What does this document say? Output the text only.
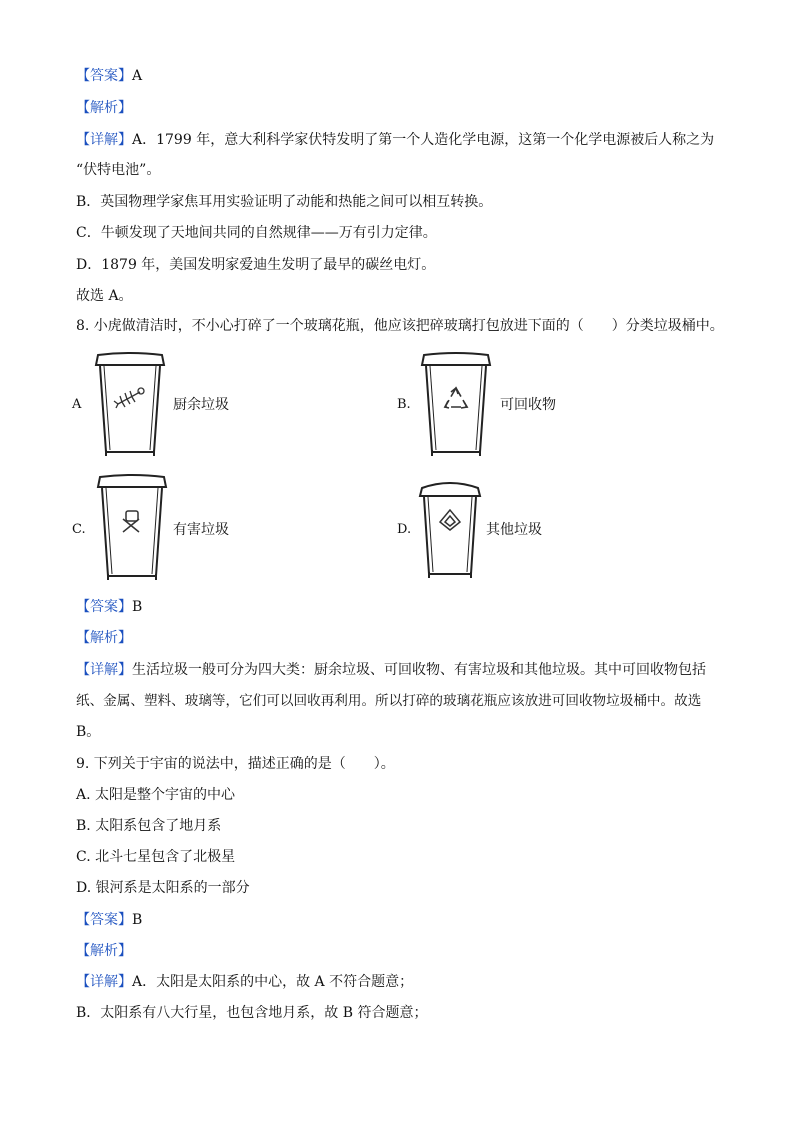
【答案】A
【解析】
【详解】A．1799 年，意大利科学家伏特发明了第一个人造化学电源，这第一个化学电源被后人称之为
“伏特电池”。
B．英国物理学家焦耳用实验证明了动能和热能之间可以相互转换。
C．牛顿发现了天地间共同的自然规律——万有引力定律。
D．1879 年，美国发明家爱迪生发明了最早的碳丝电灯。
故选 A。
8. 小虎做清洁时，不小心打碎了一个玻璃花瓶，他应该把碎玻璃打包放进下面的（　　）分类垃圾桶中。
A	厨余垃圾	B.	可回收物
C.	有害垃圾	D.	其他垃圾
【答案】B
【解析】
【详解】生活垃圾一般可分为四大类：厨余垃圾、可回收物、有害垃圾和其他垃圾。其中可回收物包括
纸、金属、塑料、玻璃等，它们可以回收再利用。所以打碎的玻璃花瓶应该放进可回收物垃圾桶中。故选
B。
9. 下列关于宇宙的说法中，描述正确的是（　　）。
A. 太阳是整个宇宙的中心
B. 太阳系包含了地月系
C. 北斗七星包含了北极星
D. 银河系是太阳系的一部分
【答案】B
【解析】
【详解】A．太阳是太阳系的中心，故 A 不符合题意；
B．太阳系有八大行星，也包含地月系，故 B 符合题意；
